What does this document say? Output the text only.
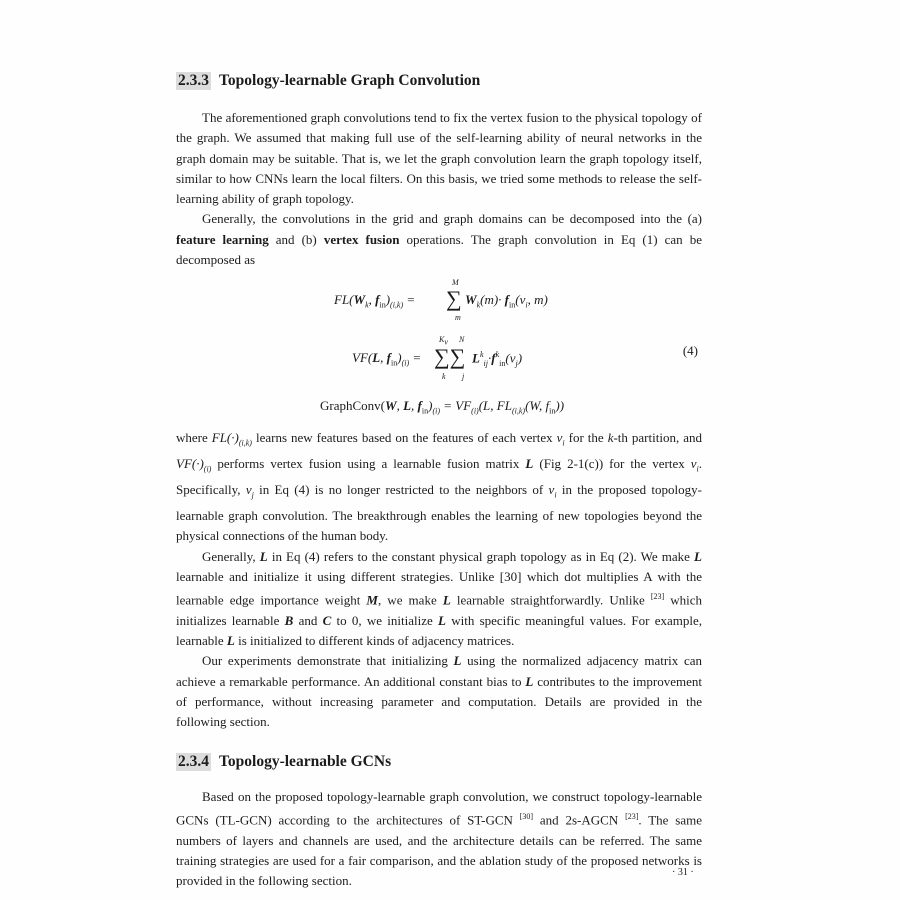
2.3.3 Topology-learnable Graph Convolution

The aforementioned graph convolutions tend to fix the vertex fusion to the physical topology of the graph. We assumed that making full use of the self-learning ability of neural networks in the graph domain may be suitable. That is, we let the graph convolution learn the graph topology itself, similar to how CNNs learn the local filters. On this basis, we tried some methods to release the self-learning ability of graph topology.

Generally, the convolutions in the grid and graph domains can be decomposed into the (a) feature learning and (b) vertex fusion operations. The graph convolution in Eq (1) can be decomposed as

$FL(W_k$, $f_{in})_{(i,k)}$ =
M
∑
m
$W_k(m)\cdot f_{in}(v_i$, m)
VF(L, $f_{in})_{(i)}$ =
$K_v$ N
∑∑
k j
$L^k_{ij}\cdot f^k_{in}(v_j)$	(4)
GraphConv(W, L, $f_{in})_{(i)} = VF_{(i)}(L$, $FL_{(i,k)}(W$, $f_{in}$))

where $FL(\cdot)_{(i,k)}$ learns new features based on the features of each vertex $v_i$ for the k-th partition, and $VF(\cdot)_{(i)}$ performs vertex fusion using a learnable fusion matrix L (Fig 2-1(c)) for the vertex $v_i$. Specifically, $v_j$ in Eq (4) is no longer restricted to the neighbors of $v_i$ in the proposed topology-learnable graph convolution. The breakthrough enables the learning of new topologies beyond the physical connections of the human body.

Generally, L in Eq (4) refers to the constant physical graph topology as in Eq (2). We make L learnable and initialize it using different strategies. Unlike [30] which dot multiplies A with the learnable edge importance weight M, we make L learnable straightforwardly. Unlike [23] which initializes learnable B and C to 0, we initialize L with specific meaningful values. For example, learnable L is initialized to different kinds of adjacency matrices.

Our experiments demonstrate that initializing L using the normalized adjacency matrix can achieve a remarkable performance. An additional constant bias to L contributes to the improvement of performance, without increasing parameter and computation. Details are provided in the following section.

2.3.4 Topology-learnable GCNs

Based on the proposed topology-learnable graph convolution, we construct topology-learnable GCNs (TL-GCN) according to the architectures of ST-GCN [30] and 2s-AGCN [23]. The same numbers of layers and channels are used, and the architecture details can be referred. The same training strategies are used for a fair comparison, and the ablation study of the proposed networks is provided in the following section.

· 31 ·
